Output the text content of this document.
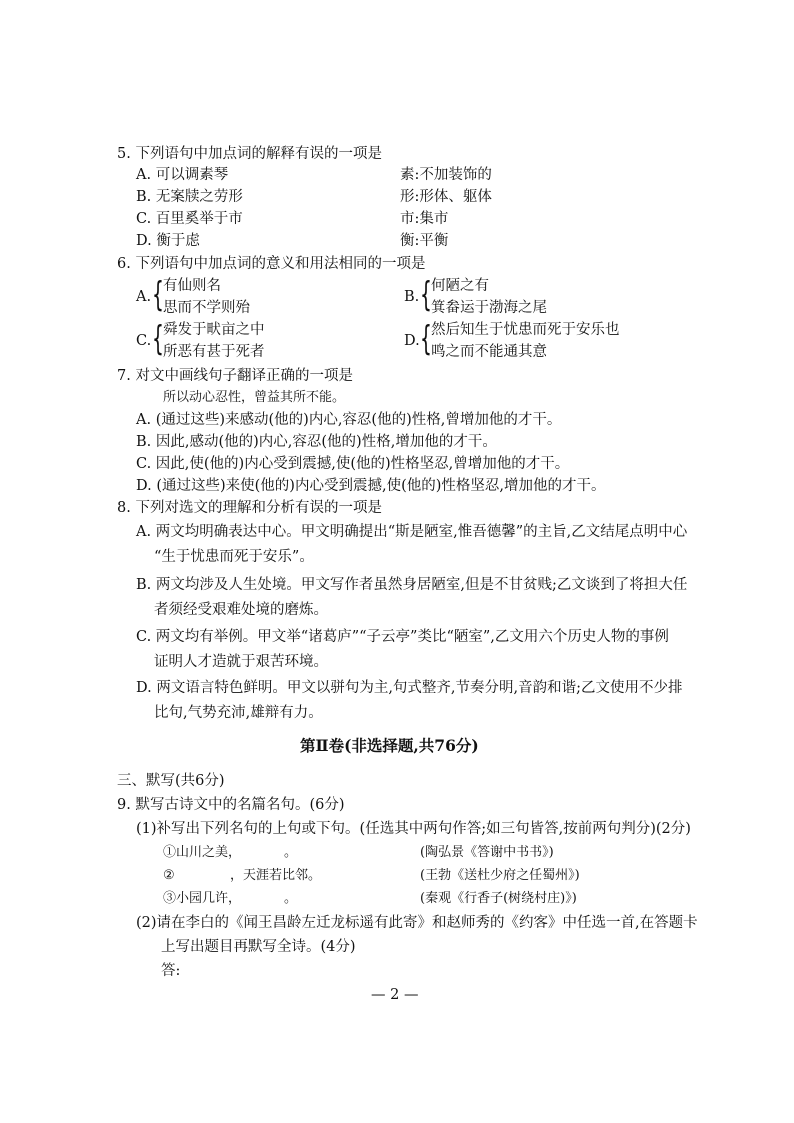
5. 下列语句中加点词的解释有误的一项是
A. 可以调素琴	素:不加装饰的
B. 无案牍之劳形	形:形体、躯体
C. 百里奚举于市	市:集市
D. 衡于虑	衡:平衡
6. 下列语句中加点词的意义和用法相同的一项是
A. { 有仙则名
思而不学则殆
B. { 何陋之有
箕畚运于渤海之尾
C. { 舜发于畎亩之中
所恶有甚于死者
D. { 然后知生于忧患而死于安乐也
鸣之而不能通其意
7. 对文中画线句子翻译正确的一项是
所以动心忍性，曾益其所不能。
A. (通过这些)来感动(他的)内心,容忍(他的)性格,曾增加他的才干。
B. 因此,感动(他的)内心,容忍(他的)性格,增加他的才干。
C. 因此,使(他的)内心受到震撼,使(他的)性格坚忍,曾增加他的才干。
D. (通过这些)来使(他的)内心受到震撼,使(他的)性格坚忍,增加他的才干。
8. 下列对选文的理解和分析有误的一项是
A. 两文均明确表达中心。甲文明确提出“斯是陋室,惟吾德馨”的主旨,乙文结尾点明中心
“生于忧患而死于安乐”。
B. 两文均涉及人生处境。甲文写作者虽然身居陋室,但是不甘贫贱;乙文谈到了将担大任
者须经受艰难处境的磨炼。
C. 两文均有举例。甲文举“诸葛庐”“子云亭”类比“陋室”,乙文用六个历史人物的事例
证明人才造就于艰苦环境。
D. 两文语言特色鲜明。甲文以骈句为主,句式整齐,节奏分明,音韵和谐;乙文使用不少排
比句,气势充沛,雄辩有力。
第Ⅱ卷(非选择题,共76分)
三、默写(共6分)
9. 默写古诗文中的名篇名句。(6分)
(1)补写出下列名句的上句或下句。(任选其中两句作答;如三句皆答,按前两句判分)(2分)
①山川之美，	。	(陶弘景《答谢中书书》)
②	，天涯若比邻。	(王勃《送杜少府之任蜀州》)
③小园几许，	。	(秦观《行香子(树绕村庄)》)
(2)请在李白的《闻王昌龄左迁龙标遥有此寄》和赵师秀的《约客》中任选一首,在答题卡
上写出题目再默写全诗。(4分)
答:
— 2 —
